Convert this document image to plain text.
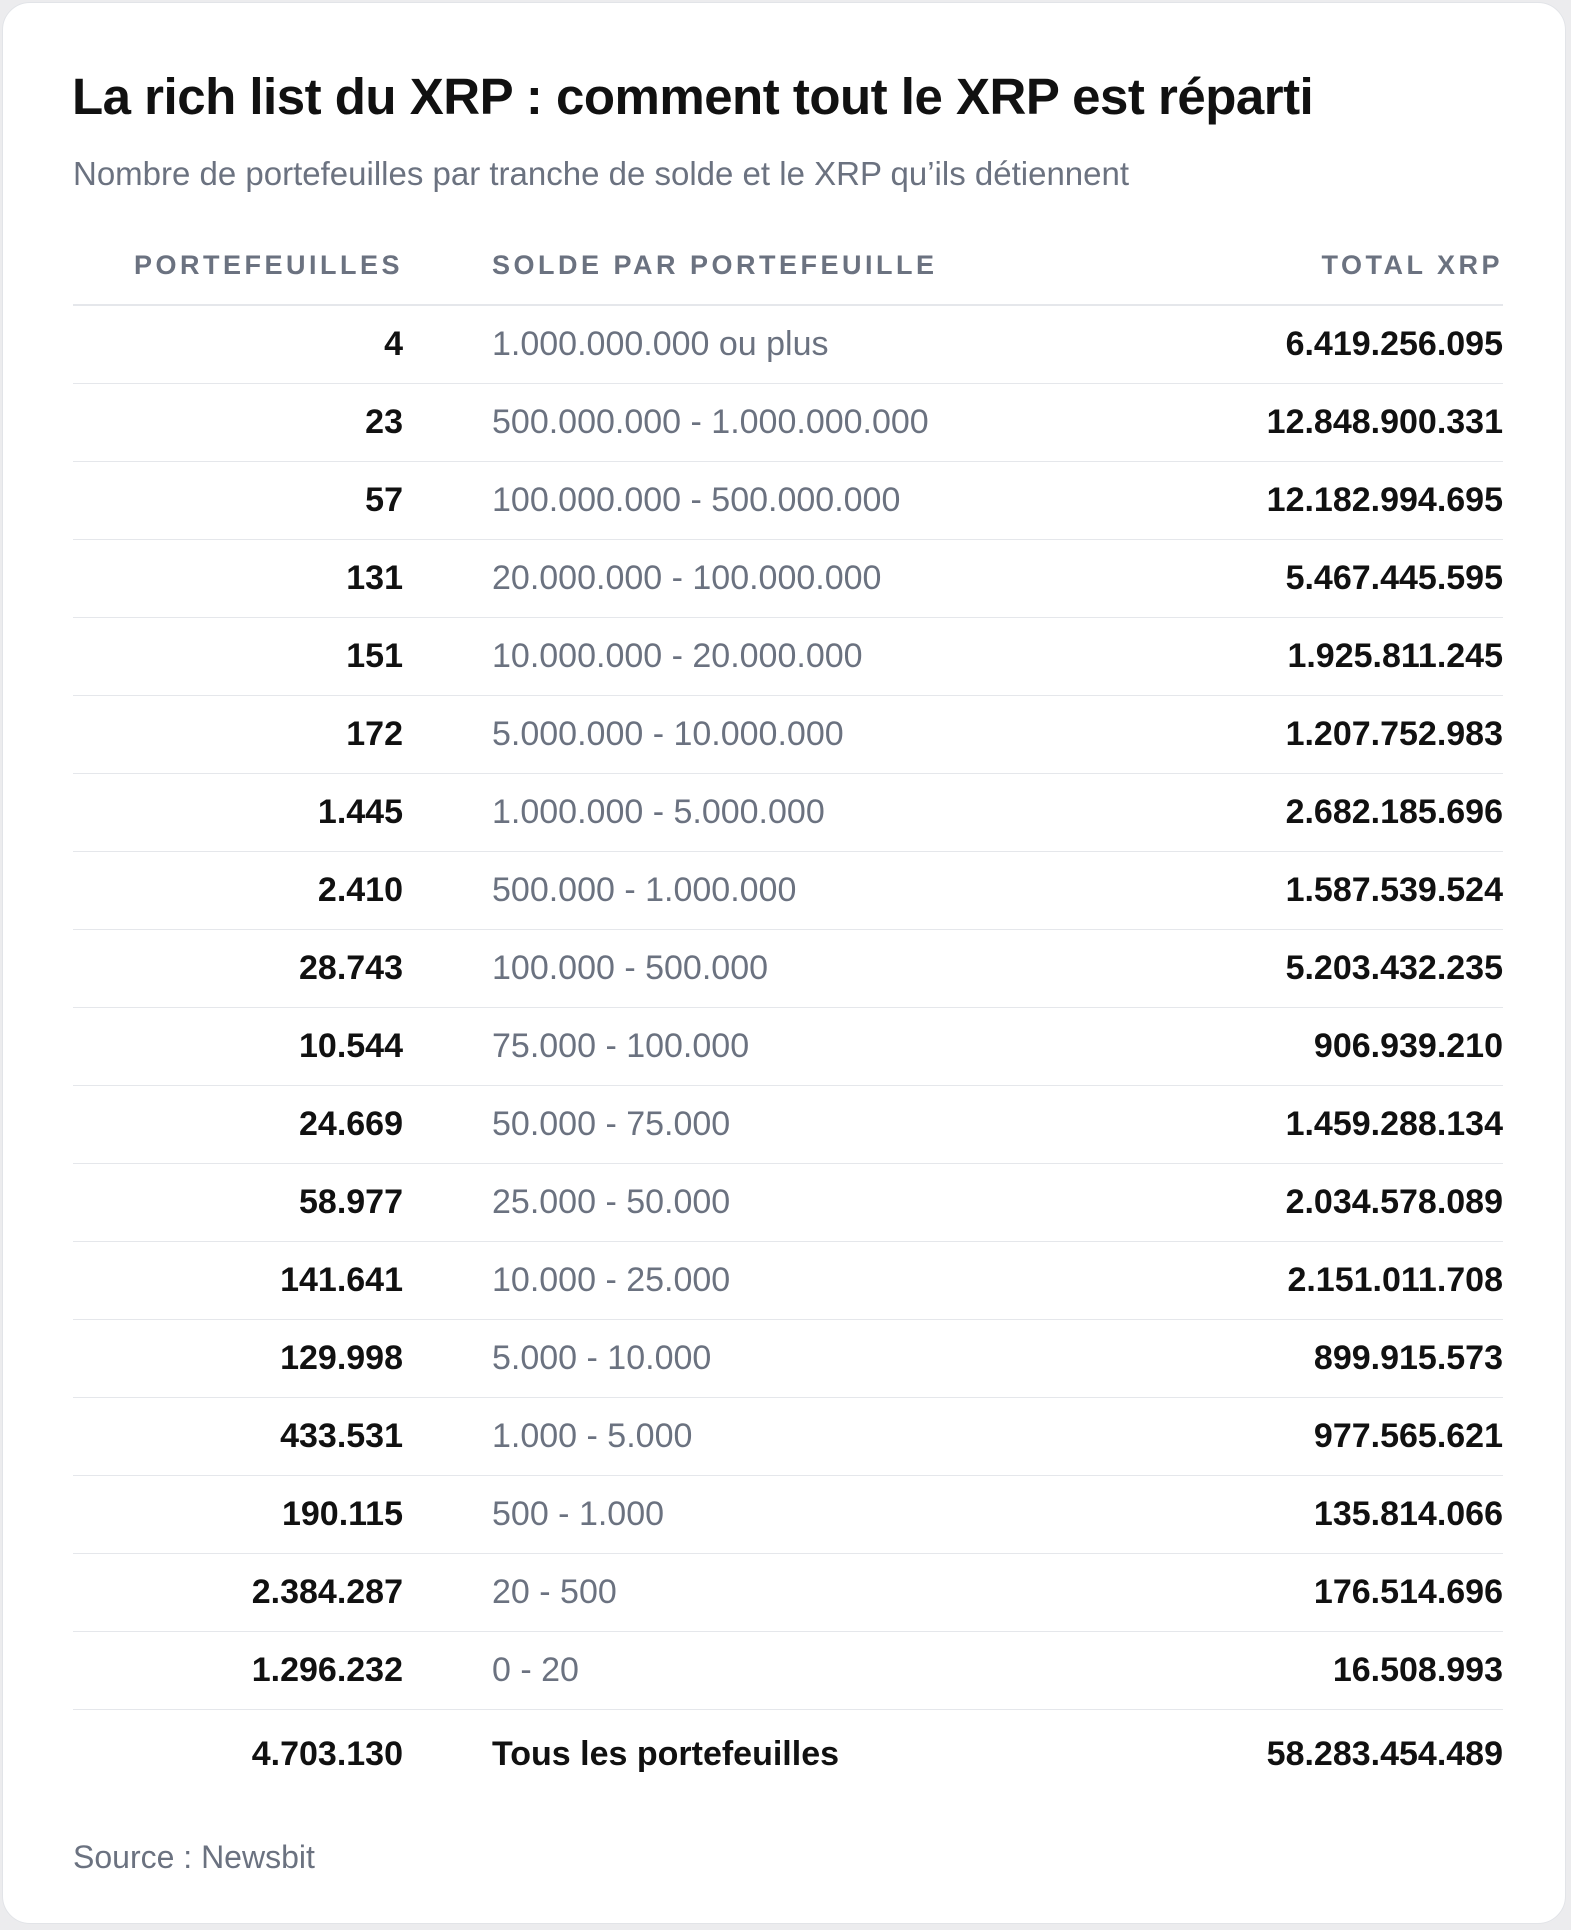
La rich list du XRP : comment tout le XRP est réparti

Nombre de portefeuilles par tranche de solde et le XRP qu’ils détiennent

PORTEFEUILLES	SOLDE PAR PORTEFEUILLE	TOTAL XRP
4	1.000.000.000 ou plus	6.419.256.095
23	500.000.000 - 1.000.000.000	12.848.900.331
57	100.000.000 - 500.000.000	12.182.994.695
131	20.000.000 - 100.000.000	5.467.445.595
151	10.000.000 - 20.000.000	1.925.811.245
172	5.000.000 - 10.000.000	1.207.752.983
1.445	1.000.000 - 5.000.000	2.682.185.696
2.410	500.000 - 1.000.000	1.587.539.524
28.743	100.000 - 500.000	5.203.432.235
10.544	75.000 - 100.000	906.939.210
24.669	50.000 - 75.000	1.459.288.134
58.977	25.000 - 50.000	2.034.578.089
141.641	10.000 - 25.000	2.151.011.708
129.998	5.000 - 10.000	899.915.573
433.531	1.000 - 5.000	977.565.621
190.115	500 - 1.000	135.814.066
2.384.287	20 - 500	176.514.696
1.296.232	0 - 20	16.508.993
4.703.130	Tous les portefeuilles	58.283.454.489

Source : Newsbit
